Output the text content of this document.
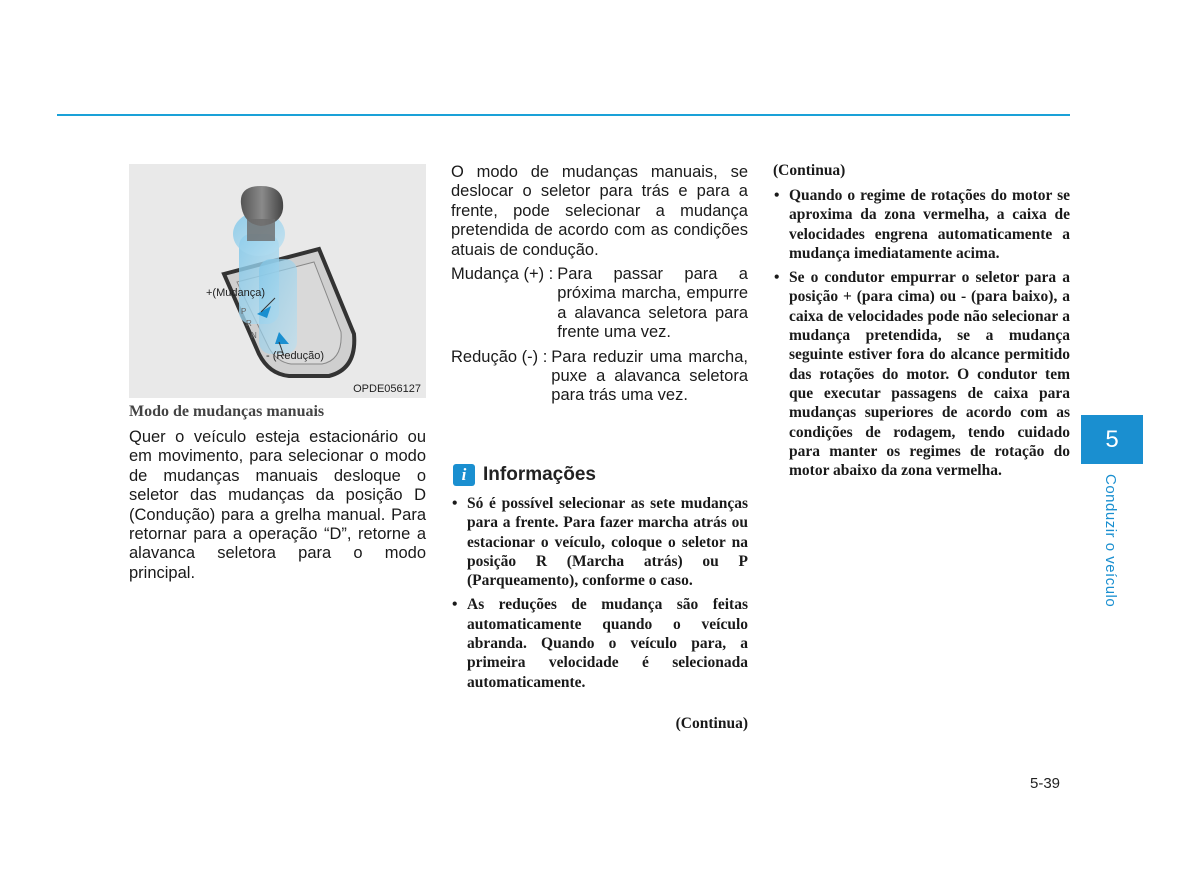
P
R
N
+(Mudança)
- (Redução)
OPDE056127
Modo de mudanças manuais
Quer o veículo esteja estacionário ou em movimento, para selecionar o modo de mudanças manuais desloque o seletor das mudanças da posição D (Condução) para a grelha manual. Para retornar para a operação “D”, retorne a alavanca seletora para o modo principal.

O modo de mudanças manuais, se deslocar o seletor para trás e para a frente, pode selecionar a mudança pretendida de acordo com as condições atuais de condução.

Mudança (+) : Para passar para a próxima marcha, empurre a alavanca seletora para frente uma vez.
Redução (-) : Para reduzir uma marcha, puxe a alavanca seletora para trás uma vez.
i Informações
• Só é possível selecionar as sete mudanças para a frente. Para fazer marcha atrás ou estacionar o veículo, coloque o seletor na posição R (Marcha atrás) ou P (Parqueamento), conforme o caso.
• As reduções de mudança são feitas automaticamente quando o veículo abranda. Quando o veículo para, a primeira velocidade é selecionada automaticamente.
(Continua)
(Continua)
• Quando o regime de rotações do motor se aproxima da zona vermelha, a caixa de velocidades engrena automaticamente a mudança imediatamente acima.
• Se o condutor empurrar o seletor para a posição + (para cima) ou - (para baixo), a caixa de velocidades pode não selecionar a mudança pretendida, se a mudança seguinte estiver fora do alcance permitido das rotações do motor. O condutor tem que executar passagens de caixa para mudanças superiores de acordo com as condições de rodagem, tendo cuidado para manter os regimes de rotação do motor abaixo da zona vermelha.
5
Conduzir o veículo
5-39
